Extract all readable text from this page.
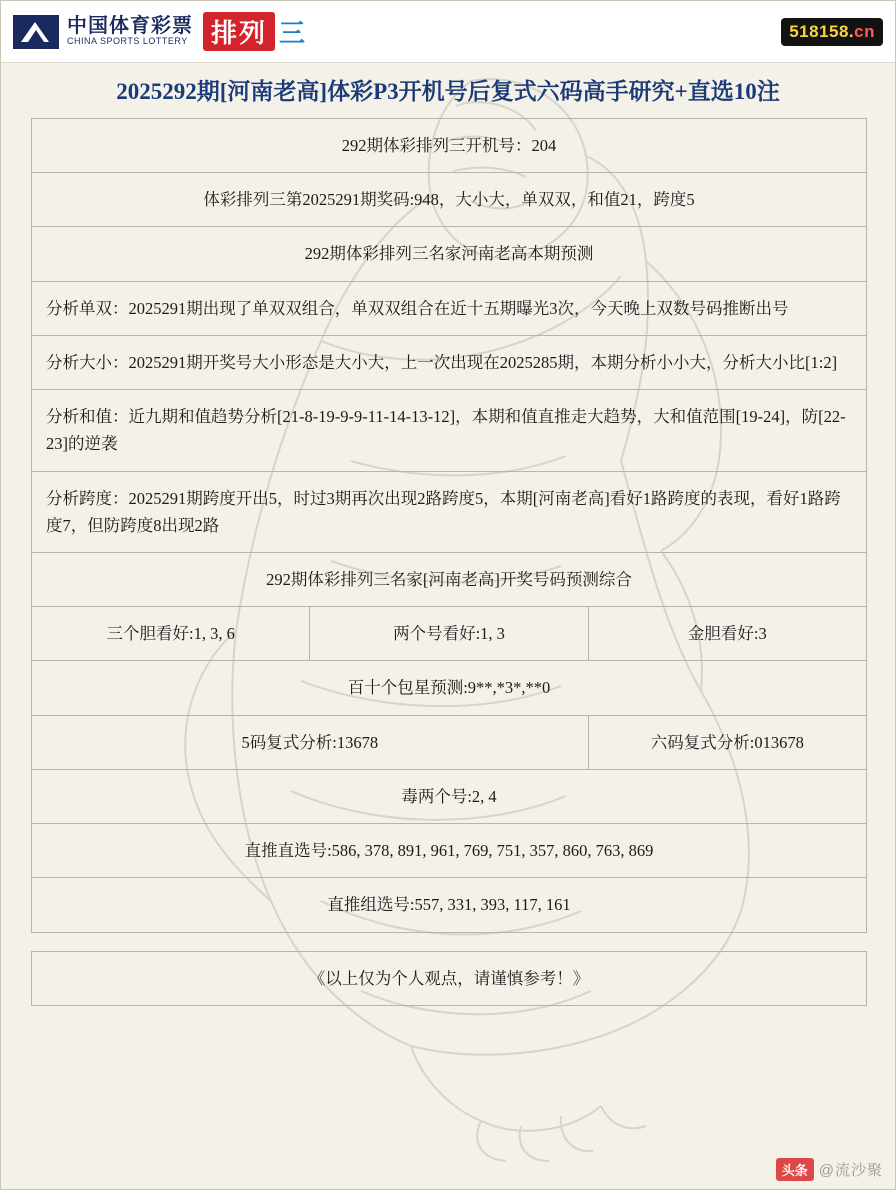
中国体育彩票
CHINA SPORTS LOTTERY 排列 三	518158.cn
2025292期[河南老高]体彩P3开机号后复式六码高手研究+直选10注
292期体彩排列三开机号：204		
体彩排列三第2025291期奖码:948，大小大，单双双，和值21，跨度5		
292期体彩排列三名家河南老高本期预测		
分析单双：2025291期出现了单双双组合，单双双组合在近十五期曝光3次，今天晚上双数号码推断出号		
分析大小：2025291期开奖号大小形态是大小大，上一次出现在2025285期，本期分析小小大，分析大小比[1:2]		
分析和值：近九期和值趋势分析[21-8-19-9-9-11-14-13-12]，本期和值直推走大趋势，大和值范围[19-24]，防[22-23]的逆袭		
分析跨度：2025291期跨度开出5，时过3期再次出现2路跨度5，本期[河南老高]看好1路跨度的表现，看好1路跨度7，但防跨度8出现2路		
292期体彩排列三名家[河南老高]开奖号码预测综合		
三个胆看好:1, 3, 6	两个号看好:1, 3	金胆看好:3
百十个包星预测:9**,*3*,**0		
5码复式分析:13678		六码复式分析:013678
毒两个号:2, 4		
直推直选号:586, 378, 891, 961, 769, 751, 357, 860, 763, 869		
直推组选号:557, 331, 393, 117, 161		
《以上仅为个人观点，请谨慎参考！》
头条 @流沙聚
